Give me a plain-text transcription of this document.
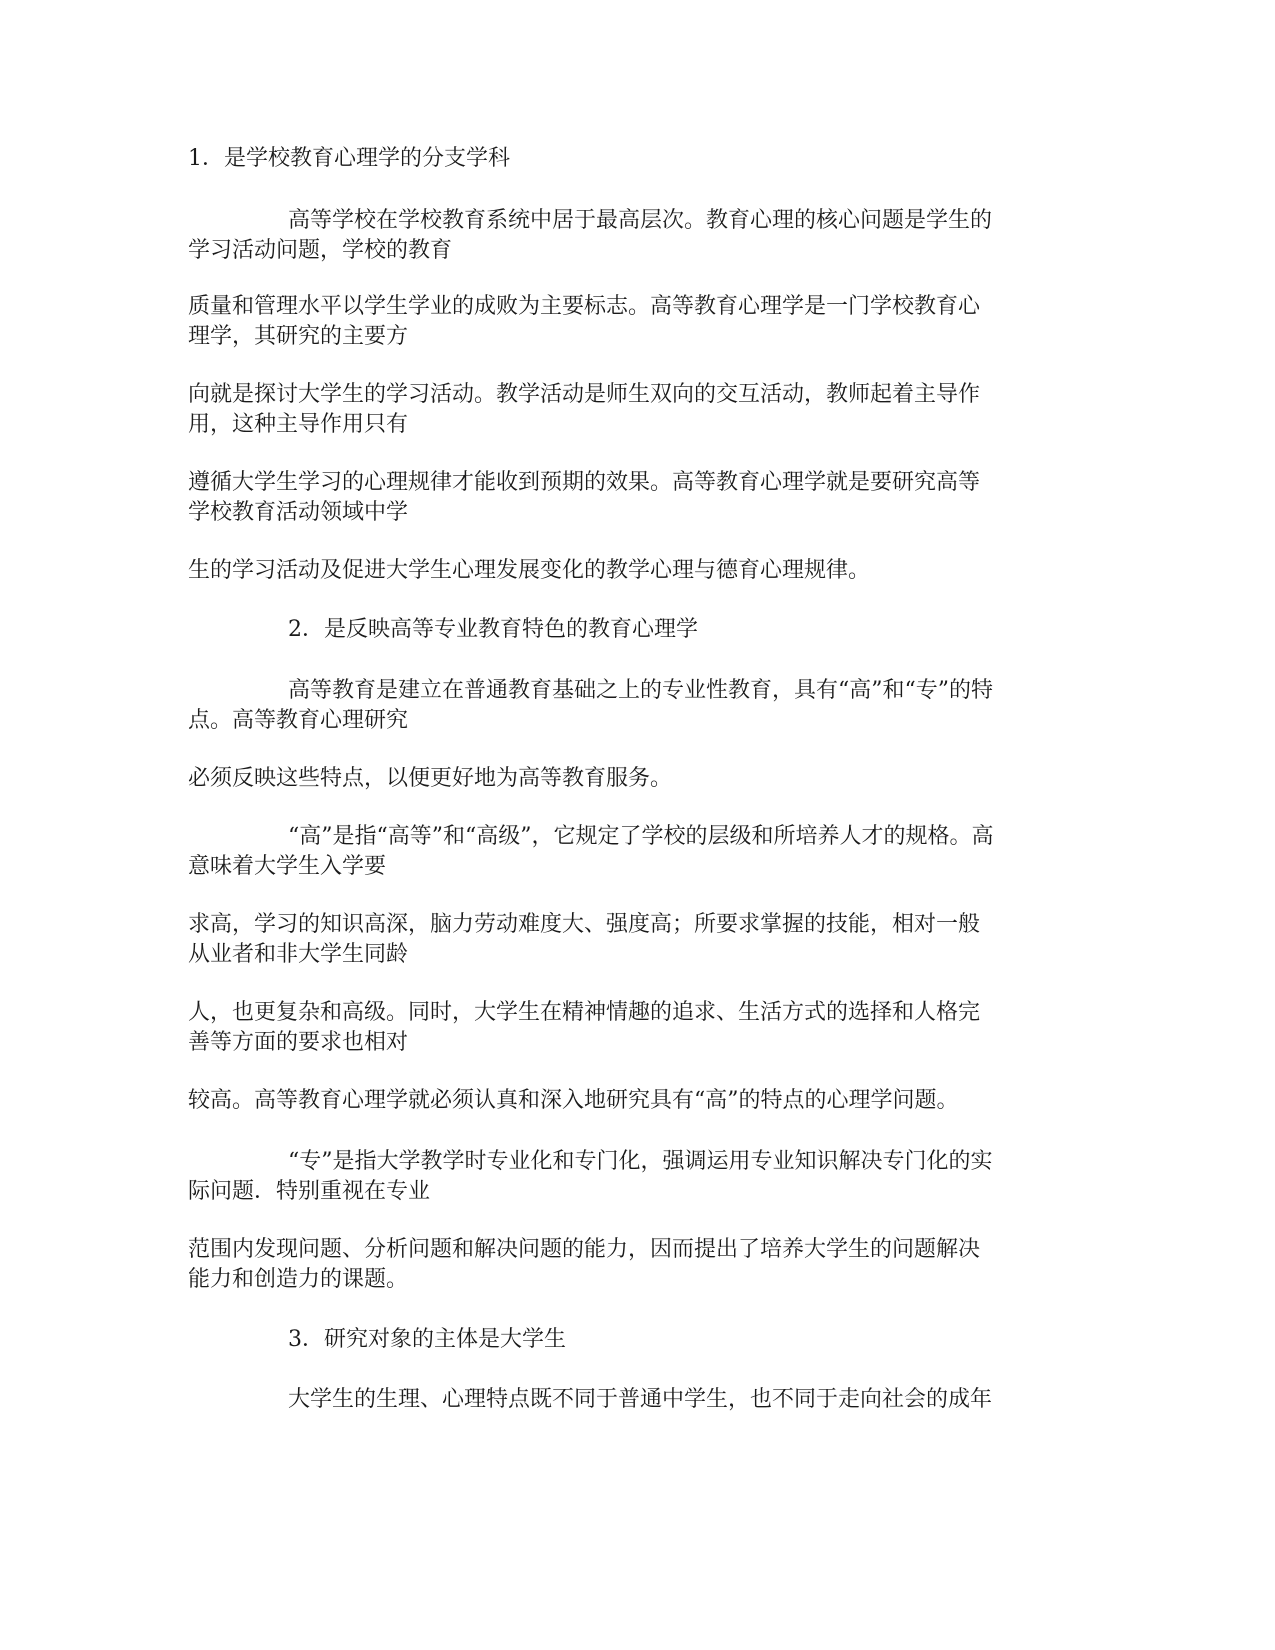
1．是学校教育心理学的分支学科
高等学校在学校教育系统中居于最高层次。教育心理的核心问题是学生的
学习活动问题，学校的教育
质量和管理水平以学生学业的成败为主要标志。高等教育心理学是一门学校教育心
理学，其研究的主要方
向就是探讨大学生的学习活动。教学活动是师生双向的交互活动，教师起着主导作
用，这种主导作用只有
遵循大学生学习的心理规律才能收到预期的效果。高等教育心理学就是要研究高等
学校教育活动领域中学
生的学习活动及促进大学生心理发展变化的教学心理与德育心理规律。
2．是反映高等专业教育特色的教育心理学
高等教育是建立在普通教育基础之上的专业性教育，具有“高”和“专”的特
点。高等教育心理研究
必须反映这些特点，以便更好地为高等教育服务。
“高”是指“高等”和“高级”，它规定了学校的层级和所培养人才的规格。高
意味着大学生入学要
求高，学习的知识高深，脑力劳动难度大、强度高；所要求掌握的技能，相对一般
从业者和非大学生同龄
人，也更复杂和高级。同时，大学生在精神情趣的追求、生活方式的选择和人格完
善等方面的要求也相对
较高。高等教育心理学就必须认真和深入地研究具有“高”的特点的心理学问题。
“专”是指大学教学时专业化和专门化，强调运用专业知识解决专门化的实
际问题．特别重视在专业
范围内发现问题、分析问题和解决问题的能力，因而提出了培养大学生的问题解决
能力和创造力的课题。
3．研究对象的主体是大学生
大学生的生理、心理特点既不同于普通中学生，也不同于走向社会的成年
